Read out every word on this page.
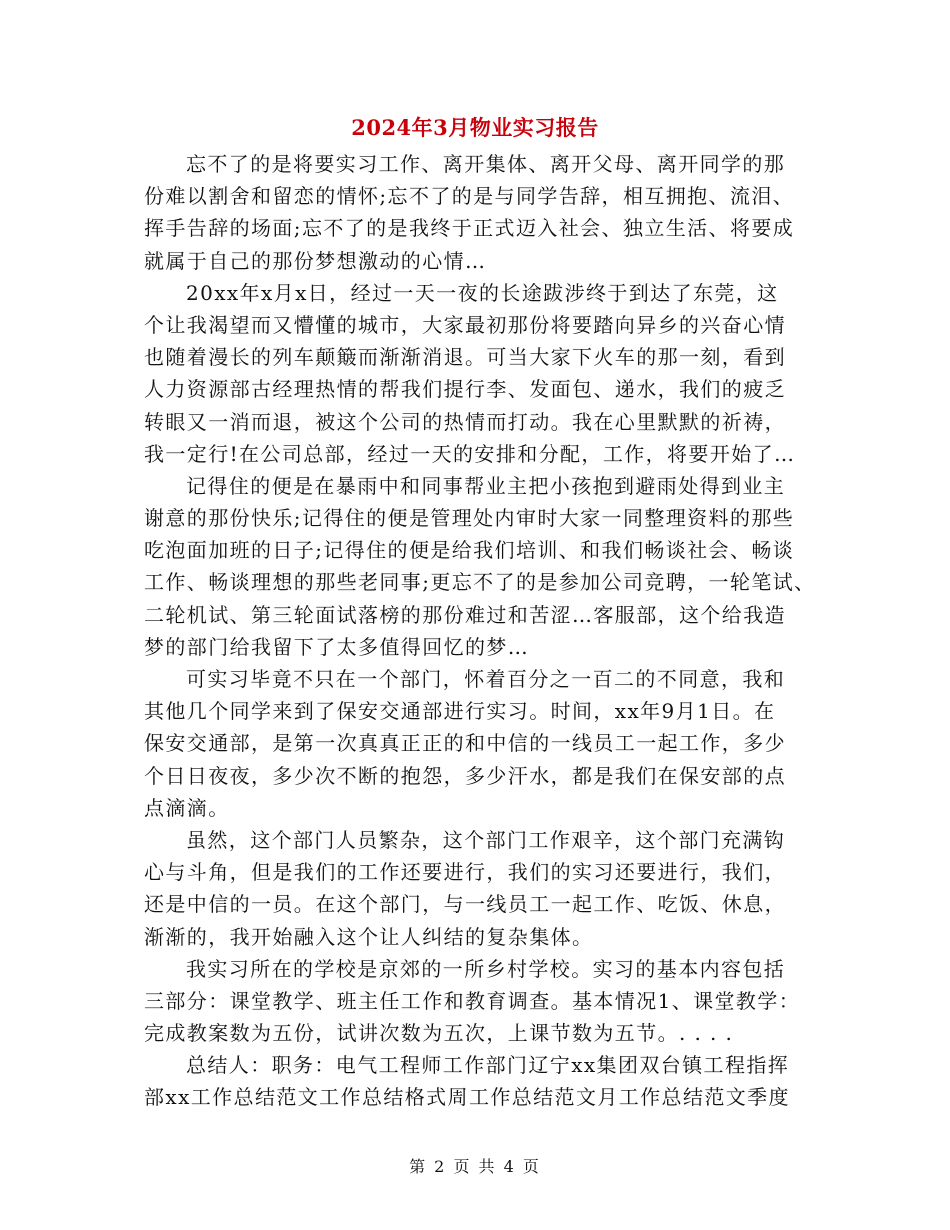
2024年3月物业实习报告
忘不了的是将要实习工作、离开集体、离开父母、离开同学的那
份难以割舍和留恋的情怀;忘不了的是与同学告辞，相互拥抱、流泪、
挥手告辞的场面;忘不了的是我终于正式迈入社会、独立生活、将要成
就属于自己的那份梦想激动的心情…
20xx年x月x日，经过一天一夜的长途跋涉终于到达了东莞，这
个让我渴望而又懵懂的城市，大家最初那份将要踏向异乡的兴奋心情
也随着漫长的列车颠簸而渐渐消退。可当大家下火车的那一刻，看到
人力资源部古经理热情的帮我们提行李、发面包、递水，我们的疲乏
转眼又一消而退，被这个公司的热情而打动。我在心里默默的祈祷，
我一定行!在公司总部，经过一天的安排和分配，工作，将要开始了…
记得住的便是在暴雨中和同事帮业主把小孩抱到避雨处得到业主
谢意的那份快乐;记得住的便是管理处内审时大家一同整理资料的那些
吃泡面加班的日子;记得住的便是给我们培训、和我们畅谈社会、畅谈
工作、畅谈理想的那些老同事;更忘不了的是参加公司竞聘，一轮笔试、
二轮机试、第三轮面试落榜的那份难过和苦涩…客服部，这个给我造
梦的部门给我留下了太多值得回忆的梦…
可实习毕竟不只在一个部门，怀着百分之一百二的不同意，我和
其他几个同学来到了保安交通部进行实习。时间，xx年9月1日。在
保安交通部，是第一次真真正正的和中信的一线员工一起工作，多少
个日日夜夜，多少次不断的抱怨，多少汗水，都是我们在保安部的点
点滴滴。
虽然，这个部门人员繁杂，这个部门工作艰辛，这个部门充满钩
心与斗角，但是我们的工作还要进行，我们的实习还要进行，我们，
还是中信的一员。在这个部门，与一线员工一起工作、吃饭、休息，
渐渐的，我开始融入这个让人纠结的复杂集体。
我实习所在的学校是京郊的一所乡村学校。实习的基本内容包括
三部分：课堂教学、班主任工作和教育调查。基本情况1、课堂教学：
完成教案数为五份，试讲次数为五次，上课节数为五节。. . . .
总结人：职务：电气工程师工作部门辽宁xx集团双台镇工程指挥
部xx工作总结范文工作总结格式周工作总结范文月工作总结范文季度
第 2 页 共 4 页
